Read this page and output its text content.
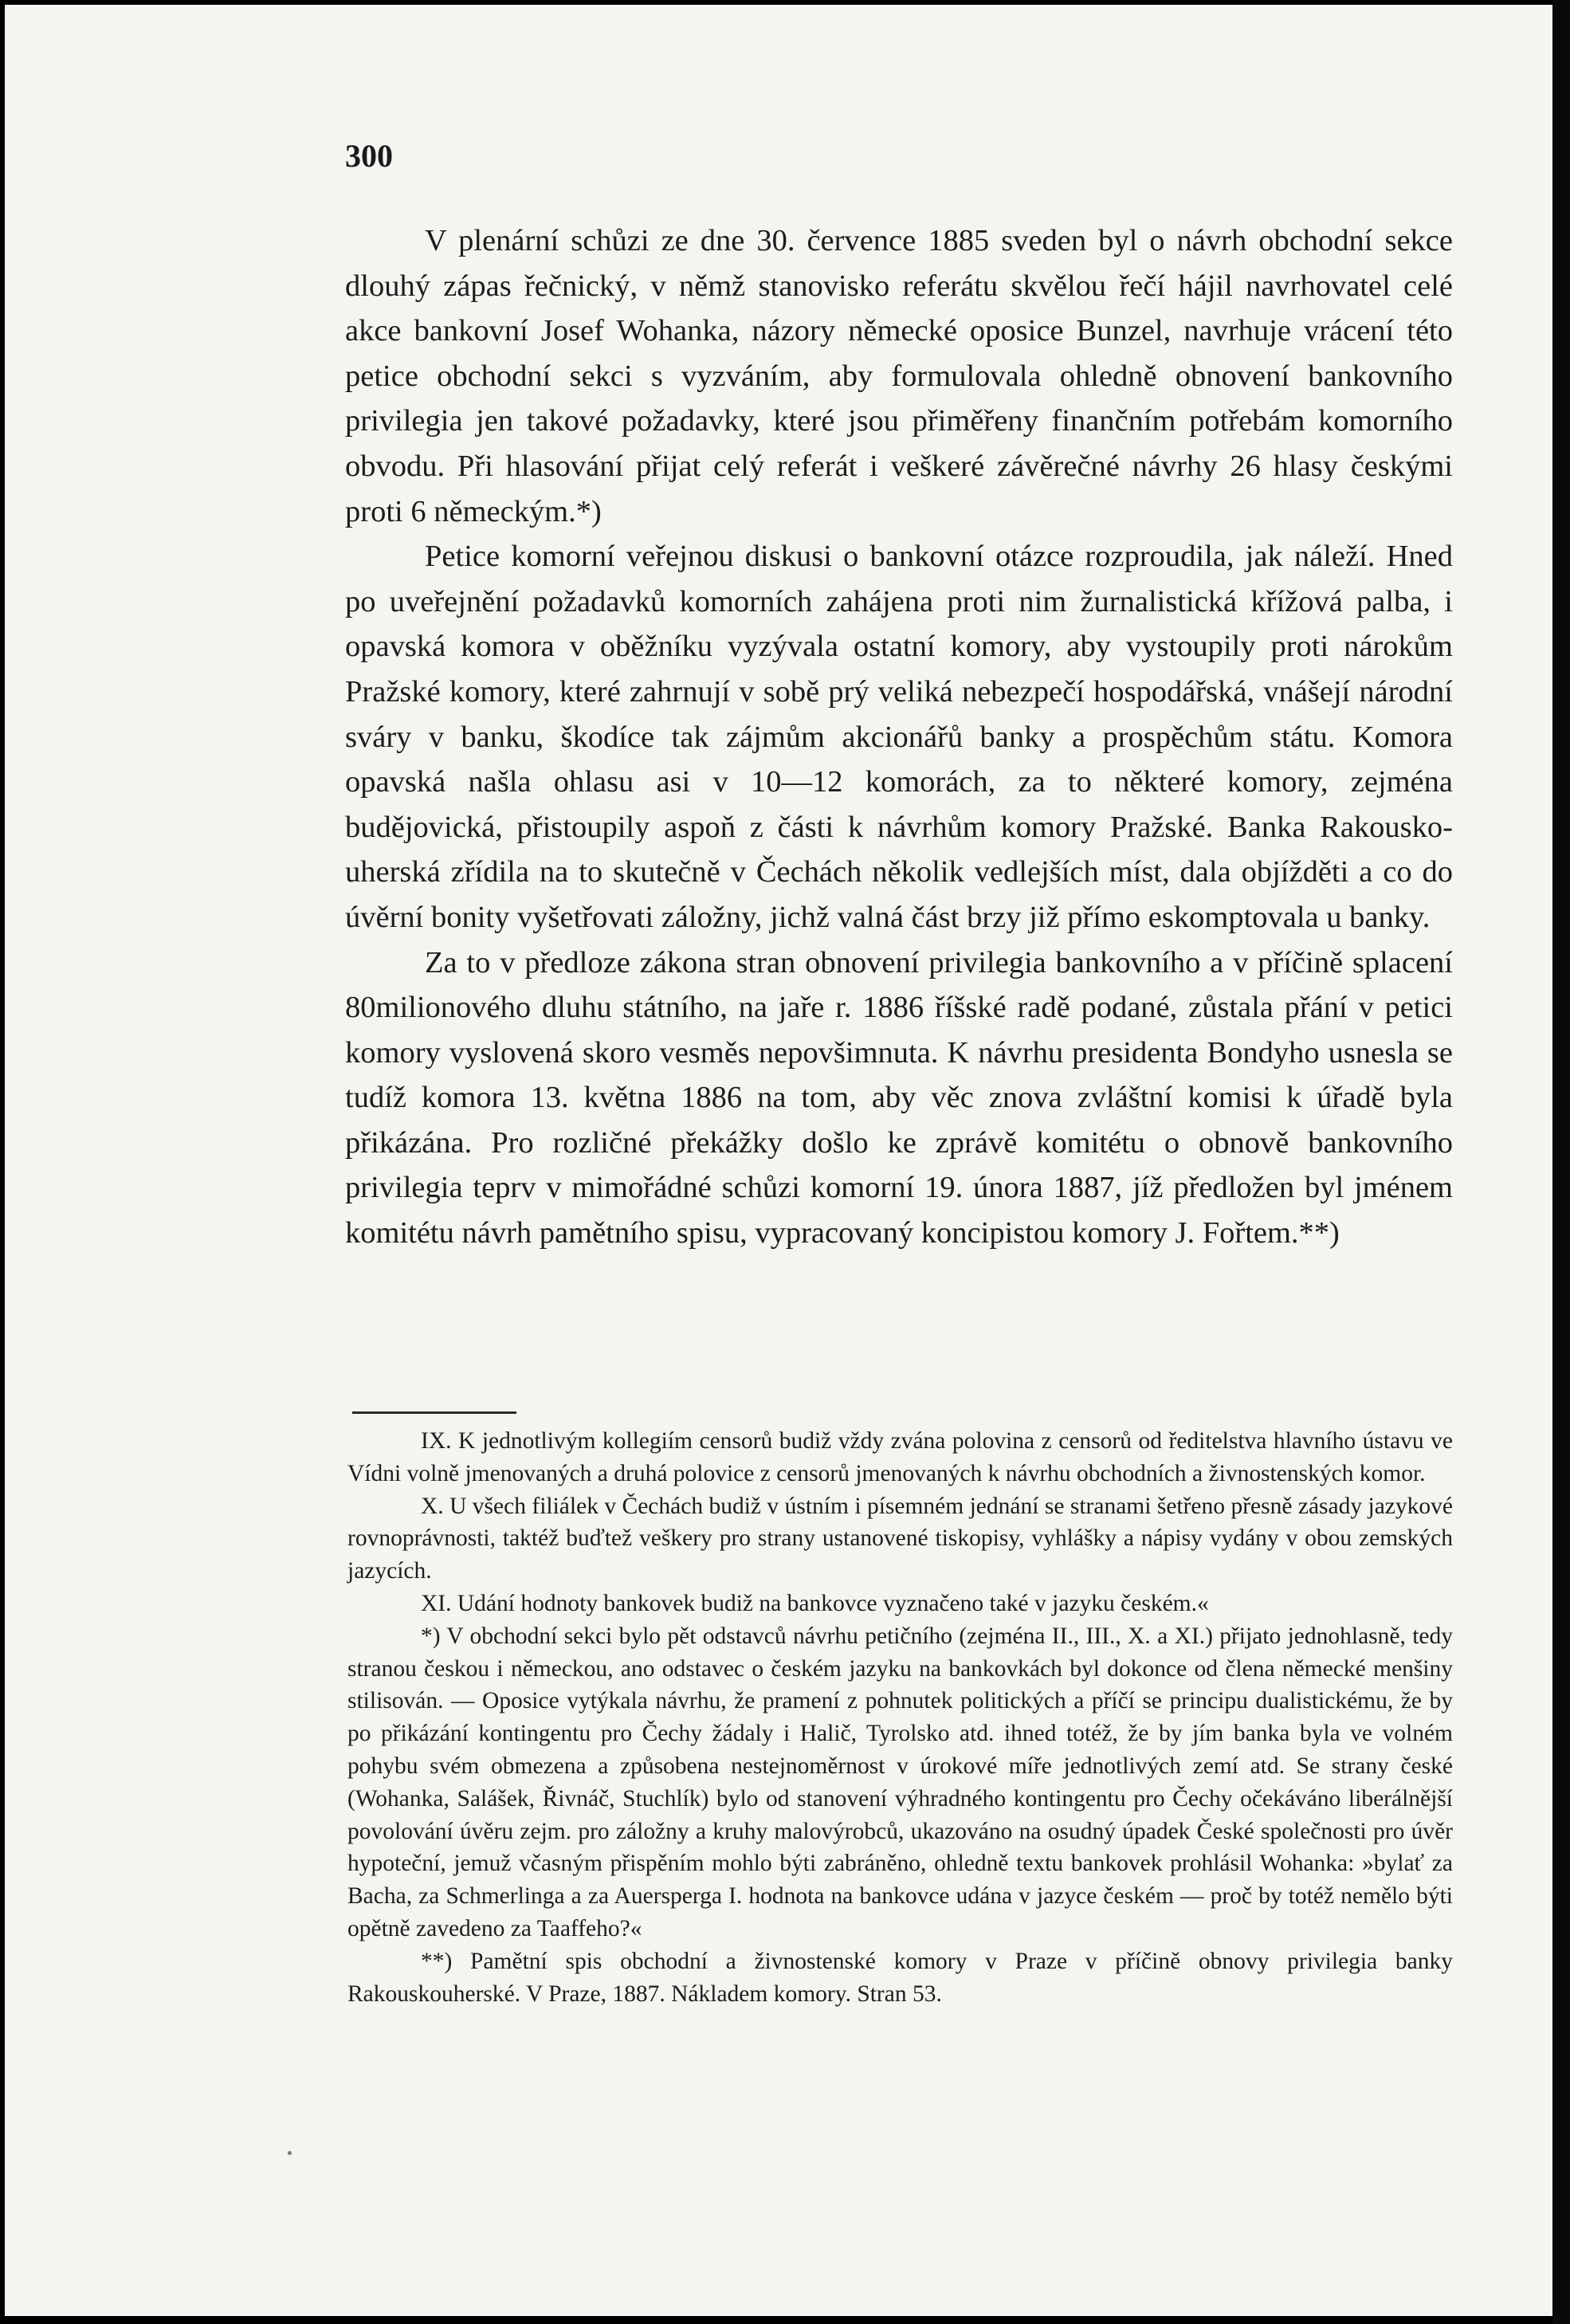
300

V plenární schůzi ze dne 30. července 1885 sveden byl o návrh obchodní sekce dlouhý zápas řečnický, v němž stanovisko referátu skvělou řečí hájil navrhovatel celé akce bankovní Josef Wohanka, názory německé oposice Bunzel, navrhuje vrácení této petice obchodní sekci s vyzváním, aby formulovala ohledně obnovení bankovního privilegia jen takové požadavky, které jsou přiměřeny finančním potřebám komorního obvodu. Při hlasování přijat celý referát i veškeré závěrečné návrhy 26 hlasy českými proti 6 německým.*)

Petice komorní veřejnou diskusi o bankovní otázce rozproudila, jak náleží. Hned po uveřejnění požadavků komorních zahájena proti nim žurnalistická křížová palba, i opavská komora v oběžníku vyzývala ostatní komory, aby vystoupily proti nárokům Pražské komory, které zahrnují v sobě prý veliká nebezpečí hospodářská, vnášejí národní sváry v banku, škodíce tak zájmům akcionářů banky a prospěchům státu. Komora opavská našla ohlasu asi v 10—12 komorách, za to některé komory, zejména budějovická, přistoupily aspoň z části k návrhům komory Pražské. Banka Rakousko-uherská zřídila na to skutečně v Čechách několik vedlejších míst, dala objížděti a co do úvěrní bonity vyšetřovati záložny, jichž valná část brzy již přímo eskomptovala u banky.

Za to v předloze zákona stran obnovení privilegia bankovního a v příčině splacení 80milionového dluhu státního, na jaře r. 1886 říšské radě podané, zůstala přání v petici komory vyslovená skoro vesměs nepovšimnuta. K návrhu presidenta Bondyho usnesla se tudíž komora 13. května 1886 na tom, aby věc znova zvláštní komisi k úřadě byla přikázána. Pro rozličné překážky došlo ke zprávě komitétu o obnově bankovního privilegia teprv v mimořádné schůzi komorní 19. února 1887, jíž předložen byl jménem komitétu návrh pamětního spisu, vypracovaný koncipistou komory J. Fořtem.**)

IX. K jednotlivým kollegiím censorů budiž vždy zvána polovina z censorů od ředitelstva hlavního ústavu ve Vídni volně jmenovaných a druhá polovice z censorů jmenovaných k návrhu obchodních a živnostenských komor.

X. U všech filiálek v Čechách budiž v ústním i písemném jednání se stranami šetřeno přesně zásady jazykové rovnoprávnosti, taktéž buďtež veškery pro strany ustanovené tiskopisy, vyhlášky a nápisy vydány v obou zemských jazycích.

XI. Udání hodnoty bankovek budiž na bankovce vyznačeno také v jazyku českém.«

*) V obchodní sekci bylo pět odstavců návrhu petičního (zejména II., III., X. a XI.) přijato jednohlasně, tedy stranou českou i německou, ano odstavec o českém jazyku na bankovkách byl dokonce od člena německé menšiny stilisován. — Oposice vytýkala návrhu, že pramení z pohnutek politických a příčí se principu dualistickému, že by po přikázání kontingentu pro Čechy žádaly i Halič, Tyrolsko atd. ihned totéž, že by jím banka byla ve volném pohybu svém obmezena a způsobena nestejnoměrnost v úrokové míře jednotlivých zemí atd. Se strany české (Wohanka, Salášek, Řivnáč, Stuchlík) bylo od stanovení výhradného kontingentu pro Čechy očekáváno liberálnější povolování úvěru zejm. pro záložny a kruhy malovýrobců, ukazováno na osudný úpadek České společnosti pro úvěr hypoteční, jemuž včasným přispěním mohlo býti zabráněno, ohledně textu bankovek prohlásil Wohanka: »bylať za Bacha, za Schmerlinga a za Auersperga I. hodnota na bankovce udána v jazyce českém — proč by totéž nemělo býti opětně zavedeno za Taaffeho?«

**) Pamětní spis obchodní a živnostenské komory v Praze v příčině obnovy privilegia banky Rakouskouherské. V Praze, 1887. Nákladem komory. Stran 53.
